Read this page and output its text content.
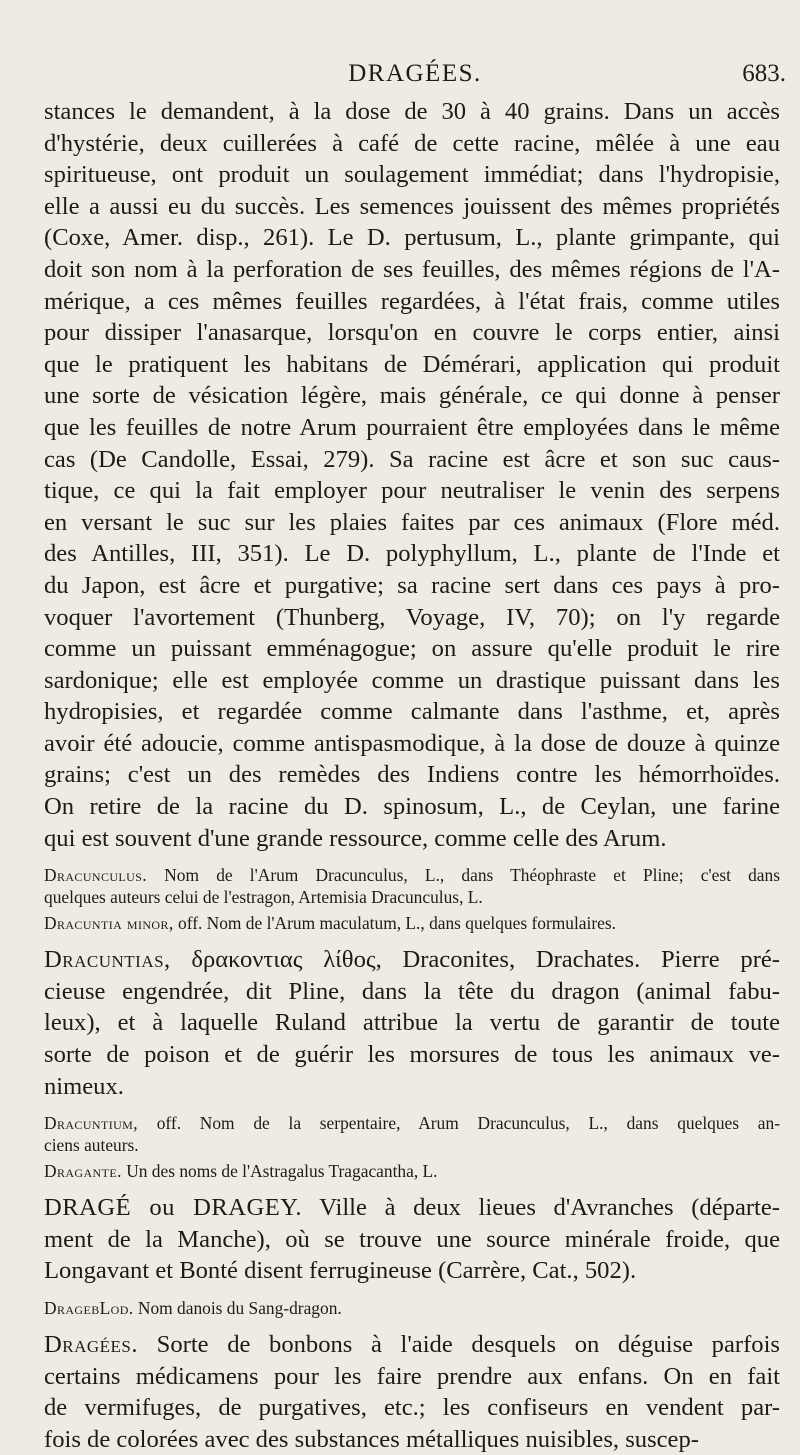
DRAGÉES.	683.
stances le demandent, à la dose de 30 à 40 grains. Dans un accès
d'hystérie, deux cuillerées à café de cette racine, mêlée à une eau
spiritueuse, ont produit un soulagement immédiat; dans l'hydropisie,
elle a aussi eu du succès. Les semences jouissent des mêmes propriétés
(Coxe, Amer. disp., 261). Le D. pertusum, L., plante grimpante, qui
doit son nom à la perforation de ses feuilles, des mêmes régions de l'A-
mérique, a ces mêmes feuilles regardées, à l'état frais, comme utiles
pour dissiper l'anasarque, lorsqu'on en couvre le corps entier, ainsi
que le pratiquent les habitans de Démérari, application qui produit
une sorte de vésication légère, mais générale, ce qui donne à penser
que les feuilles de notre Arum pourraient être employées dans le même
cas (De Candolle, Essai, 279). Sa racine est âcre et son suc caus-
tique, ce qui la fait employer pour neutraliser le venin des serpens
en versant le suc sur les plaies faites par ces animaux (Flore méd.
des Antilles, III, 351). Le D. polyphyllum, L., plante de l'Inde et
du Japon, est âcre et purgative; sa racine sert dans ces pays à pro-
voquer l'avortement (Thunberg, Voyage, IV, 70); on l'y regarde
comme un puissant emménagogue; on assure qu'elle produit le rire
sardonique; elle est employée comme un drastique puissant dans les
hydropisies, et regardée comme calmante dans l'asthme, et, après
avoir été adoucie, comme antispasmodique, à la dose de douze à quinze
grains; c'est un des remèdes des Indiens contre les hémorrhoïdes.
On retire de la racine du D. spinosum, L., de Ceylan, une farine
qui est souvent d'une grande ressource, comme celle des Arum.
Dracunculus. Nom de l'Arum Dracunculus, L., dans Théophraste et Pline; c'est dans
quelques auteurs celui de l'estragon, Artemisia Dracunculus, L.
Dracuntia minor, off. Nom de l'Arum maculatum, L., dans quelques formulaires.
Dracuntias, δρακοντιας λίθος, Draconites, Drachates. Pierre pré-
cieuse engendrée, dit Pline, dans la tête du dragon (animal fabu-
leux), et à laquelle Ruland attribue la vertu de garantir de toute
sorte de poison et de guérir les morsures de tous les animaux ve-
nimeux.
Dracuntium, off. Nom de la serpentaire, Arum Dracunculus, L., dans quelques an-
ciens auteurs.
Dragante. Un des noms de l'Astragalus Tragacantha, L.
DRAGÉ ou DRAGEY. Ville à deux lieues d'Avranches (départe-
ment de la Manche), où se trouve une source minérale froide, que
Longavant et Bonté disent ferrugineuse (Carrère, Cat., 502).
DragebLod. Nom danois du Sang-dragon.
Dragées. Sorte de bonbons à l'aide desquels on déguise parfois
certains médicamens pour les faire prendre aux enfans. On en fait
de vermifuges, de purgatives, etc.; les confiseurs en vendent par-
fois de colorées avec des substances métalliques nuisibles, suscep-
